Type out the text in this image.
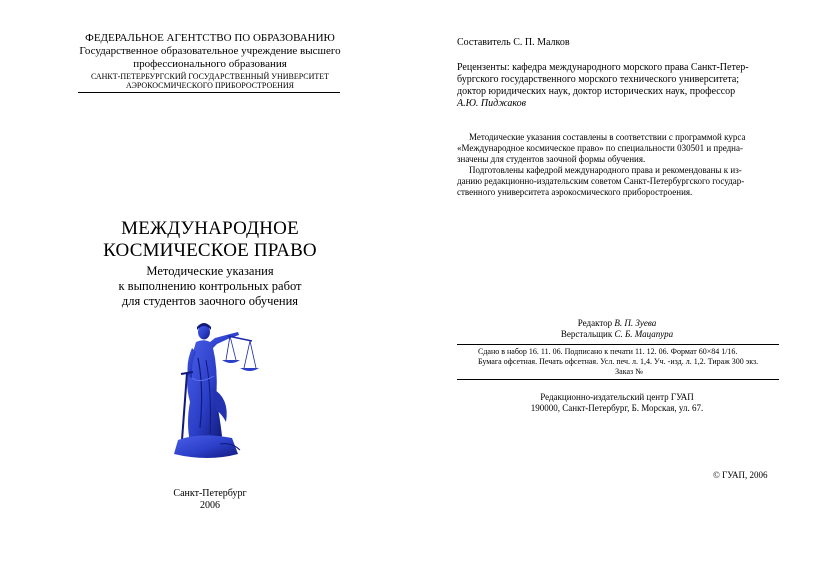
ФЕДЕРАЛЬНОЕ АГЕНТСТВО ПО ОБРАЗОВАНИЮ
Государственное образовательное учреждение высшего
профессионального образования
САНКТ-ПЕТЕРБУРГСКИЙ ГОСУДАРСТВЕННЫЙ УНИВЕРСИТЕТ
АЭРОКОСМИЧЕСКОГО ПРИБОРОСТРОЕНИЯ
МЕЖДУНАРОДНОЕ
КОСМИЧЕСКОЕ ПРАВО
Методические указания
к выполнению контрольных работ
для студентов заочного обучения
Санкт-Петербург
2006
Составитель С. П. Малков
Рецензенты: кафедра международного морского права Санкт-Петер-
бургского государственного морского технического университета;
доктор юридических наук, доктор исторических наук, профессор
А.Ю. Пиджаков
Методические указания составлены в соответствии с программой курса
«Международное космическое право» по специальности 030501 и предна-
значены для студентов заочной формы обучения.
Подготовлены кафедрой международного права и рекомендованы к из-
данию редакционно-издательским советом Санкт-Петербургского государ-
ственного университета аэрокосмического приборостроения.
Редактор В. П. Зуева
Верстальщик С. Б. Мацапура
Сдано в набор 16. 11. 06. Подписано к печати 11. 12. 06. Формат 60×84 1/16.
Бумага офсетная. Печать офсетная. Усл. печ. л. 1,4. Уч. -изд. л. 1,2. Тираж 300 экз.
Заказ №
Редакционно-издательский центр ГУАП
190000, Санкт-Петербург, Б. Морская, ул. 67.
© ГУАП, 2006
